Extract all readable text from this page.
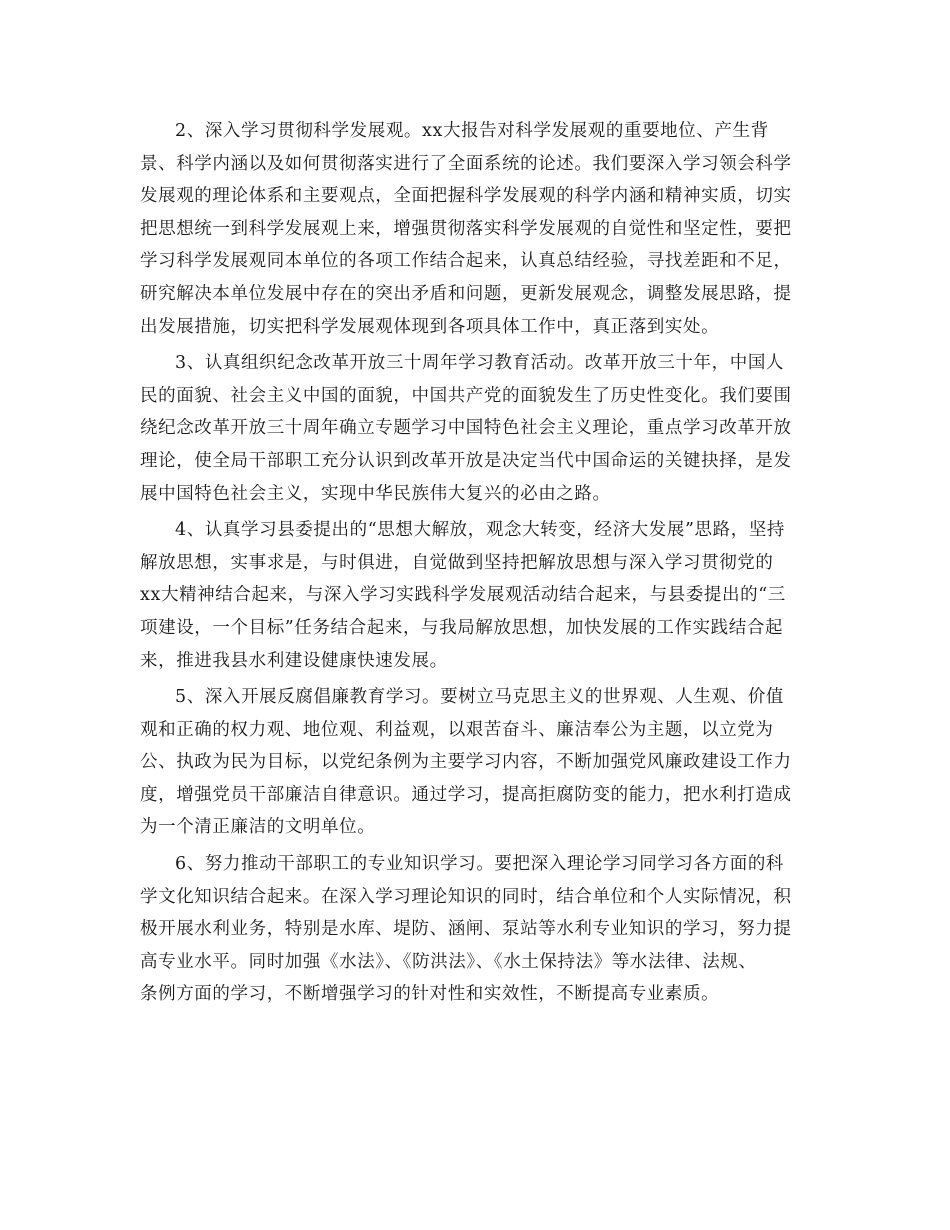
2、深入学习贯彻科学发展观。xx大报告对科学发展观的重要地位、产生背
景、科学内涵以及如何贯彻落实进行了全面系统的论述。我们要深入学习领会科学
发展观的理论体系和主要观点，全面把握科学发展观的科学内涵和精神实质，切实
把思想统一到科学发展观上来，增强贯彻落实科学发展观的自觉性和坚定性，要把
学习科学发展观同本单位的各项工作结合起来，认真总结经验，寻找差距和不足，
研究解决本单位发展中存在的突出矛盾和问题，更新发展观念，调整发展思路，提
出发展措施，切实把科学发展观体现到各项具体工作中，真正落到实处。

3、认真组织纪念改革开放三十周年学习教育活动。改革开放三十年，中国人
民的面貌、社会主义中国的面貌，中国共产党的面貌发生了历史性变化。我们要围
绕纪念改革开放三十周年确立专题学习中国特色社会主义理论，重点学习改革开放
理论，使全局干部职工充分认识到改革开放是决定当代中国命运的关键抉择，是发
展中国特色社会主义，实现中华民族伟大复兴的必由之路。

4、认真学习县委提出的“思想大解放，观念大转变，经济大发展”思路，坚持
解放思想，实事求是，与时俱进，自觉做到坚持把解放思想与深入学习贯彻党的
xx大精神结合起来，与深入学习实践科学发展观活动结合起来，与县委提出的“三
项建设，一个目标”任务结合起来，与我局解放思想，加快发展的工作实践结合起
来，推进我县水利建设健康快速发展。

5、深入开展反腐倡廉教育学习。要树立马克思主义的世界观、人生观、价值
观和正确的权力观、地位观、利益观，以艰苦奋斗、廉洁奉公为主题，以立党为
公、执政为民为目标，以党纪条例为主要学习内容，不断加强党风廉政建设工作力
度，增强党员干部廉洁自律意识。通过学习，提高拒腐防变的能力，把水利打造成
为一个清正廉洁的文明单位。

6、努力推动干部职工的专业知识学习。要把深入理论学习同学习各方面的科
学文化知识结合起来。在深入学习理论知识的同时，结合单位和个人实际情况，积
极开展水利业务，特别是水库、堤防、涵闸、泵站等水利专业知识的学习，努力提
高专业水平。同时加强《水法》、《防洪法》、《水土保持法》等水法律、法规、
条例方面的学习，不断增强学习的针对性和实效性，不断提高专业素质。
